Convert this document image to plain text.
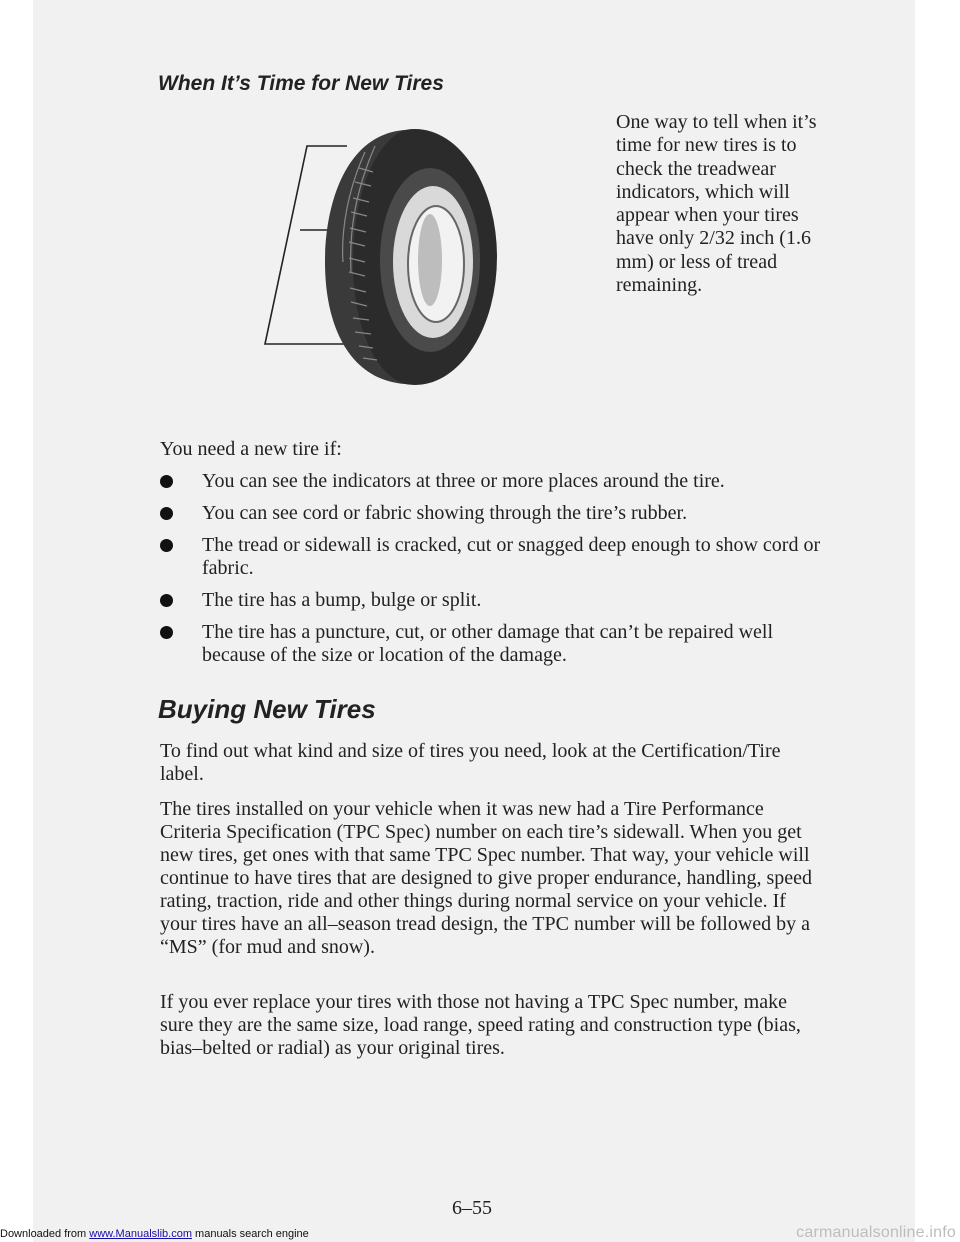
When It’s Time for New Tires

One way to tell when it’s time for new tires is to check the treadwear indicators, which will appear when your tires have only 2/32 inch (1.6 mm) or less of tread remaining.

You need a new tire if:

You can see the indicators at three or more places around the tire.
You can see cord or fabric showing through the tire’s rubber.
The tread or sidewall is cracked, cut or snagged deep enough to show cord or fabric.
The tire has a bump, bulge or split.
The tire has a puncture, cut, or other damage that can’t be repaired well because of the size or location of the damage.
Buying New Tires

To find out what kind and size of tires you need, look at the Certification/Tire label.

The tires installed on your vehicle when it was new had a Tire Performance Criteria Specification (TPC Spec) number on each tire’s sidewall. When you get new tires, get ones with that same TPC Spec number. That way, your vehicle will continue to have tires that are designed to give proper endurance, handling, speed rating, traction, ride and other things during normal service on your vehicle. If your tires have an all–season tread design, the TPC number will be followed by a “MS” (for mud and snow).

If you ever replace your tires with those not having a TPC Spec number, make sure they are the same size, load range, speed rating and construction type (bias, bias–belted or radial) as your original tires.

6–55

Downloaded from www.Manualslib.com manuals search engine	carmanualsonline.info
